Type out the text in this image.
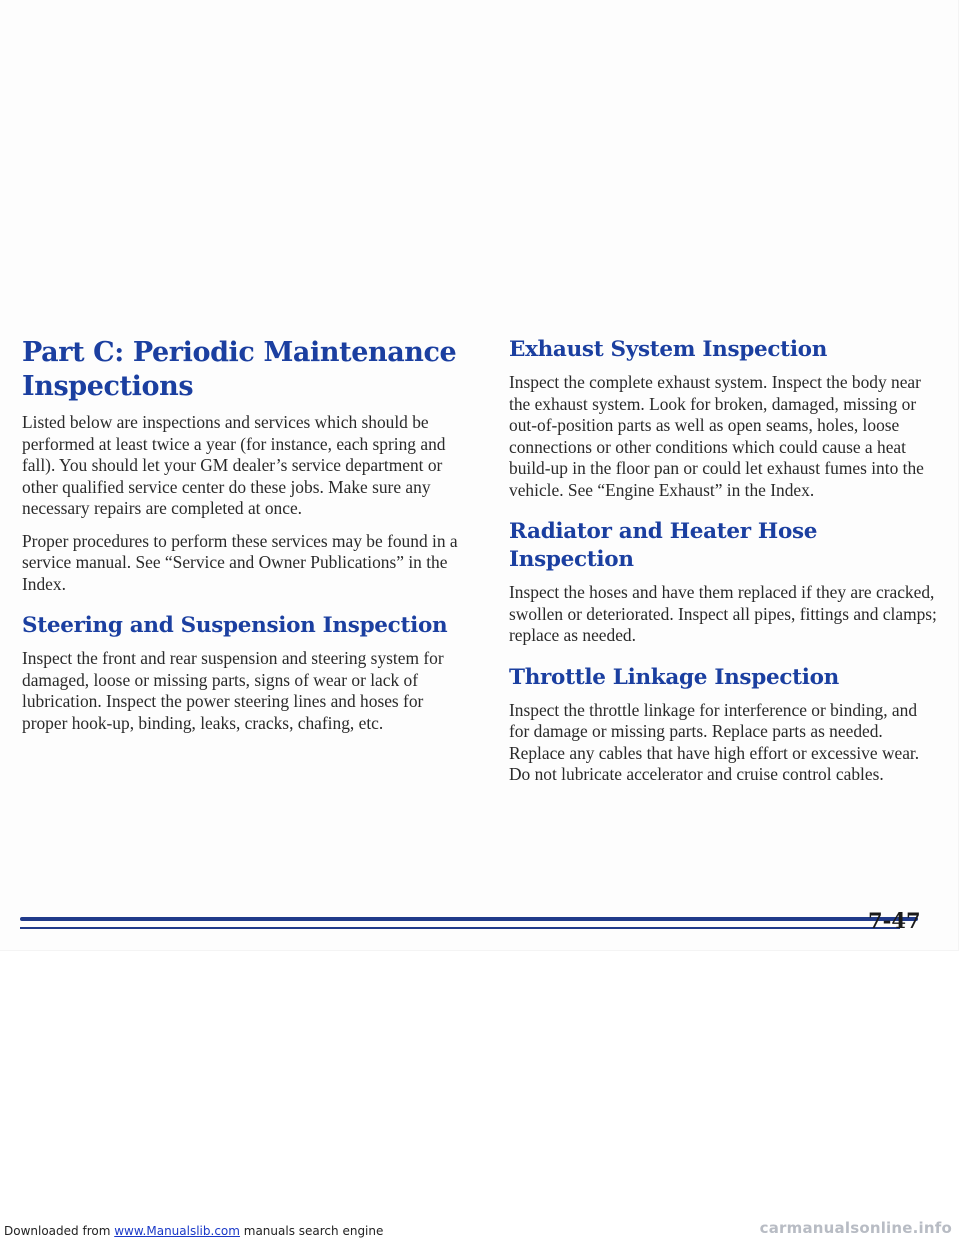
Part C: Periodic Maintenance Inspections

Listed below are inspections and services which should be performed at least twice a year (for instance, each spring and fall). You should let your GM dealer’s service department or other qualified service center do these jobs. Make sure any necessary repairs are completed at once.

Proper procedures to perform these services may be found in a service manual. See “Service and Owner Publications” in the Index.

Steering and Suspension Inspection

Inspect the front and rear suspension and steering system for damaged, loose or missing parts, signs of wear or lack of lubrication. Inspect the power steering lines and hoses for proper hook-up, binding, leaks, cracks, chafing, etc.

Exhaust System Inspection

Inspect the complete exhaust system. Inspect the body near the exhaust system. Look for broken, damaged, missing or out-of-position parts as well as open seams, holes, loose connections or other conditions which could cause a heat build-up in the floor pan or could let exhaust fumes into the vehicle. See “Engine Exhaust” in the Index.

Radiator and Heater Hose Inspection

Inspect the hoses and have them replaced if they are cracked, swollen or deteriorated. Inspect all pipes, fittings and clamps; replace as needed.

Throttle Linkage Inspection

Inspect the throttle linkage for interference or binding, and for damage or missing parts. Replace parts as needed. Replace any cables that have high effort or excessive wear. Do not lubricate accelerator and cruise control cables.

7-47
Downloaded from www.Manualslib.com manuals search engine	carmanualsonline.info
